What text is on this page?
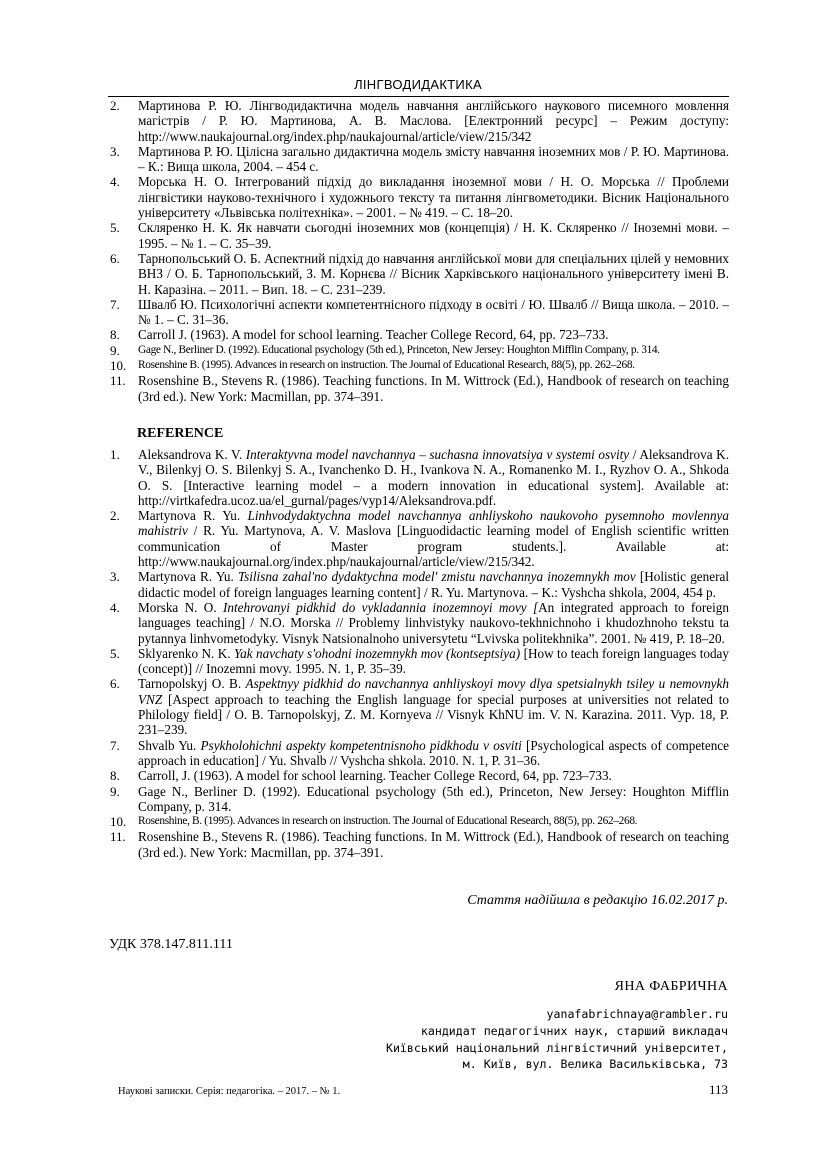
ЛІНГВОДИДАКТИКА
2. Мартинова Р. Ю. Лінгводидактична модель навчання англійського наукового писемного мовлення магістрів / Р. Ю. Мартинова, А. В. Маслова. [Електронний ресурс] – Режим доступу: http://www.naukajournal.org/index.php/naukajournal/article/view/215/342
3. Мартинова Р. Ю. Цілісна загально дидактична модель змісту навчання іноземних мов / Р. Ю. Мартинова. – К.: Вища школа, 2004. – 454 с.
4. Морська Н. О. Інтегрований підхід до викладання іноземної мови / Н. О. Морська // Проблеми лінгвістики науково-технічного і художнього тексту та питання лінгвометодики. Вісник Національного університету «Львівська політехніка». – 2001. – № 419. – С. 18–20.
5. Скляренко Н. К. Як навчати сьогодні іноземних мов (концепція) / Н. К. Скляренко // Іноземні мови. – 1995. – № 1. – С. 35–39.
6. Тарнопольський О. Б. Аспектний підхід до навчання англійської мови для спеціальних цілей у немовних ВНЗ / О. Б. Тарнопольський, З. М. Корнєва // Вісник Харківського національного університету імені В. Н. Каразіна. – 2011. – Вип. 18. – С. 231–239.
7. Швалб Ю. Психологічні аспекти компетентнісного підходу в освіті / Ю. Швалб // Вища школа. – 2010. – № 1. – С. 31–36.
8. Carroll J. (1963). A model for school learning. Teacher College Record, 64, pp. 723–733.
9. Gage N., Berliner D. (1992). Educational psychology (5th ed.), Princeton, New Jersey: Houghton Mifflin Company, p. 314.
10. Rosenshine B. (1995). Advances in research on instruction. The Journal of Educational Research, 88(5), pp. 262–268.
11. Rosenshine B., Stevens R. (1986). Teaching functions. In M. Wittrock (Ed.), Handbook of research on teaching (3rd ed.). New York: Macmillan, pp. 374–391.
REFERENCE
1. Aleksandrova K. V. Interaktyvna model navchannya – suchasna innovatsiya v systemi osvity / Aleksandrova K. V., Bilenkyj O. S. Bilenkyj S. A., Ivanchenko D. H., Ivankova N. A., Romanenko M. I., Ryzhov O. A., Shkoda O. S. [Interactive learning model – a modern innovation in educational system]. Available at: http://virtkafedra.ucoz.ua/el_gurnal/pages/vyp14/Aleksandrova.pdf.
2. Martynova R. Yu. Linhvodydaktychna model navchannya anhliyskoho naukovoho pysemnoho movlennya mahistriv / R. Yu. Martynova, A. V. Maslova [Linguodidactic learning model of English scientific written communication of Master program students.]. Available at: http://www.naukajournal.org/index.php/naukajournal/article/view/215/342.
3. Martynova R. Yu. Tsilisna zahal'no dydaktychna model' zmistu navchannya inozemnykh mov [Holistic general didactic model of foreign languages learning content] / R. Yu. Martynova. – K.: Vyshcha shkola, 2004, 454 p.
4. Morska N. O. Intehrovanyi pidkhid do vykladannia inozemnoyi movy [An integrated approach to foreign languages teaching] / N.O. Morska // Problemy linhvistyky naukovo-tekhnichnoho i khudozhnoho tekstu ta pytannya linhvometodyky. Visnyk Natsionalnoho universytetu “Lvivska politekhnika”. 2001. № 419, P. 18–20.
5. Sklyarenko N. K. Yak navchaty s'ohodni inozemnykh mov (kontseptsiya) [How to teach foreign languages today (concept)] // Inozemni movy. 1995. N. 1, P. 35–39.
6. Tarnopolskyj O. B. Aspektnyy pidkhid do navchannya anhliyskoyi movy dlya spetsialnykh tsiley u nemovnykh VNZ [Aspect approach to teaching the English language for special purposes at universities not related to Philology field] / O. B. Tarnopolskyj, Z. M. Kornyeva // Visnyk KhNU im. V. N. Karazina. 2011. Vyp. 18, P. 231–239.
7. Shvalb Yu. Psykholohichni aspekty kompetentnisnoho pidkhodu v osviti [Psychological aspects of competence approach in education] / Yu. Shvalb // Vyshcha shkola. 2010. N. 1, P. 31–36.
8. Carroll, J. (1963). A model for school learning. Teacher College Record, 64, pp. 723–733.
9. Gage N., Berliner D. (1992). Educational psychology (5th ed.), Princeton, New Jersey: Houghton Mifflin Company, p. 314.
10. Rosenshine, B. (1995). Advances in research on instruction. The Journal of Educational Research, 88(5), pp. 262–268.
11. Rosenshine B., Stevens R. (1986). Teaching functions. In M. Wittrock (Ed.), Handbook of research on teaching (3rd ed.). New York: Macmillan, pp. 374–391.
Стаття надійшла в редакцію 16.02.2017 р.
УДК 378.147.811.111
ЯНА ФАБРИЧНА
yanafabrichnaya@rambler.ru
кандидат педагогічних наук, старший викладач
Київський національний лінгвістичний університет,
м. Київ, вул. Велика Васильківська, 73
Наукові записки. Серія: педагогіка. – 2017. – № 1.	113
